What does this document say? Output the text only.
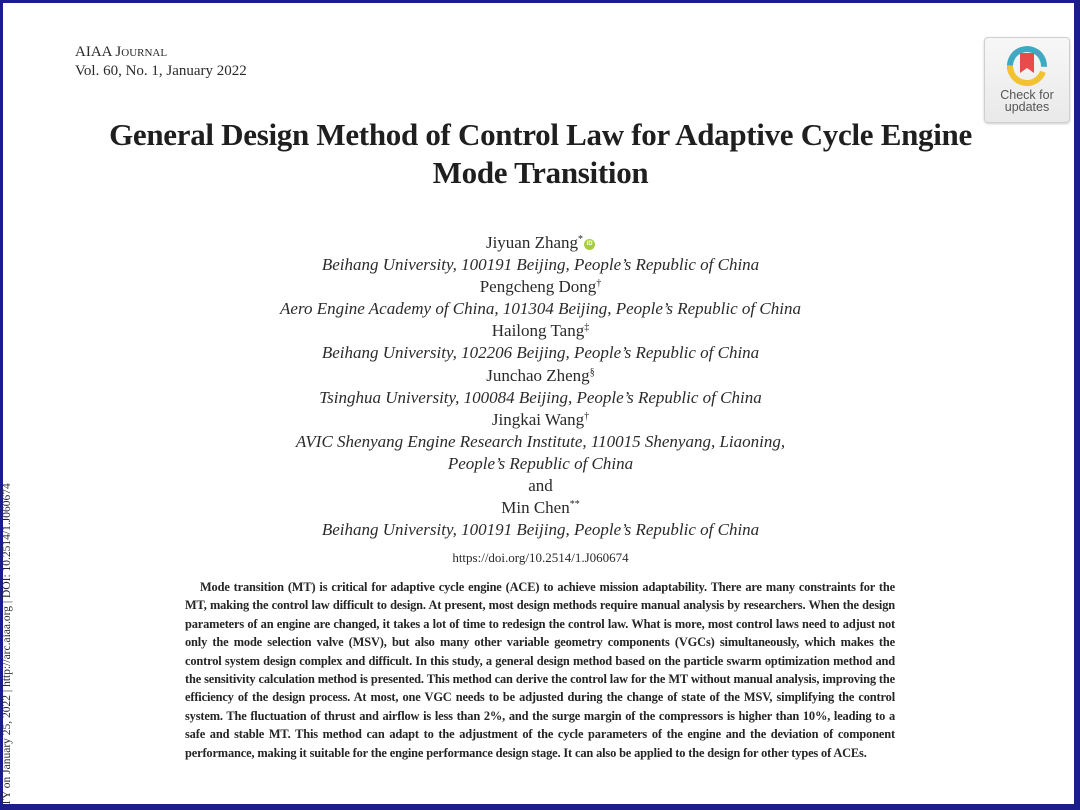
AIAA Journal
Vol. 60, No. 1, January 2022
Check for
updates
General Design Method of Control Law for Adaptive Cycle Engine
Mode Transition
Jiyuan Zhang* iD
Beihang University, 100191 Beijing, People’s Republic of China
Pengcheng Dong†
Aero Engine Academy of China, 101304 Beijing, People’s Republic of China
Hailong Tang‡
Beihang University, 102206 Beijing, People’s Republic of China
Junchao Zheng§
Tsinghua University, 100084 Beijing, People’s Republic of China
Jingkai Wang†
AVIC Shenyang Engine Research Institute, 110015 Shenyang, Liaoning,
People’s Republic of China
and
Min Chen**
Beihang University, 100191 Beijing, People’s Republic of China
https://doi.org/10.2514/1.J060674
Mode transition (MT) is critical for adaptive cycle engine (ACE) to achieve mission adaptability. There are many constraints for the MT, making the control law difficult to design. At present, most design methods require manual analysis by researchers. When the design parameters of an engine are changed, it takes a lot of time to redesign the control law. What is more, most control laws need to adjust not only the mode selection valve (MSV), but also many other variable geometry components (VGCs) simultaneously, which makes the control system design complex and difficult. In this study, a general design method based on the particle swarm optimization method and the sensitivity calculation method is presented. This method can derive the control law for the MT without manual analysis, improving the efficiency of the design process. At most, one VGC needs to be adjusted during the change of state of the MSV, simplifying the control system. The fluctuation of thrust and airflow is less than 2%, and the surge margin of the compressors is higher than 10%, leading to a safe and stable MT. This method can adapt to the adjustment of the cycle parameters of the engine and the deviation of component performance, making it suitable for the engine performance design stage. It can also be applied to the design for other types of ACEs.
TY on January 25, 2022 | http://arc.aiaa.org | DOI: 10.2514/1.J060674
